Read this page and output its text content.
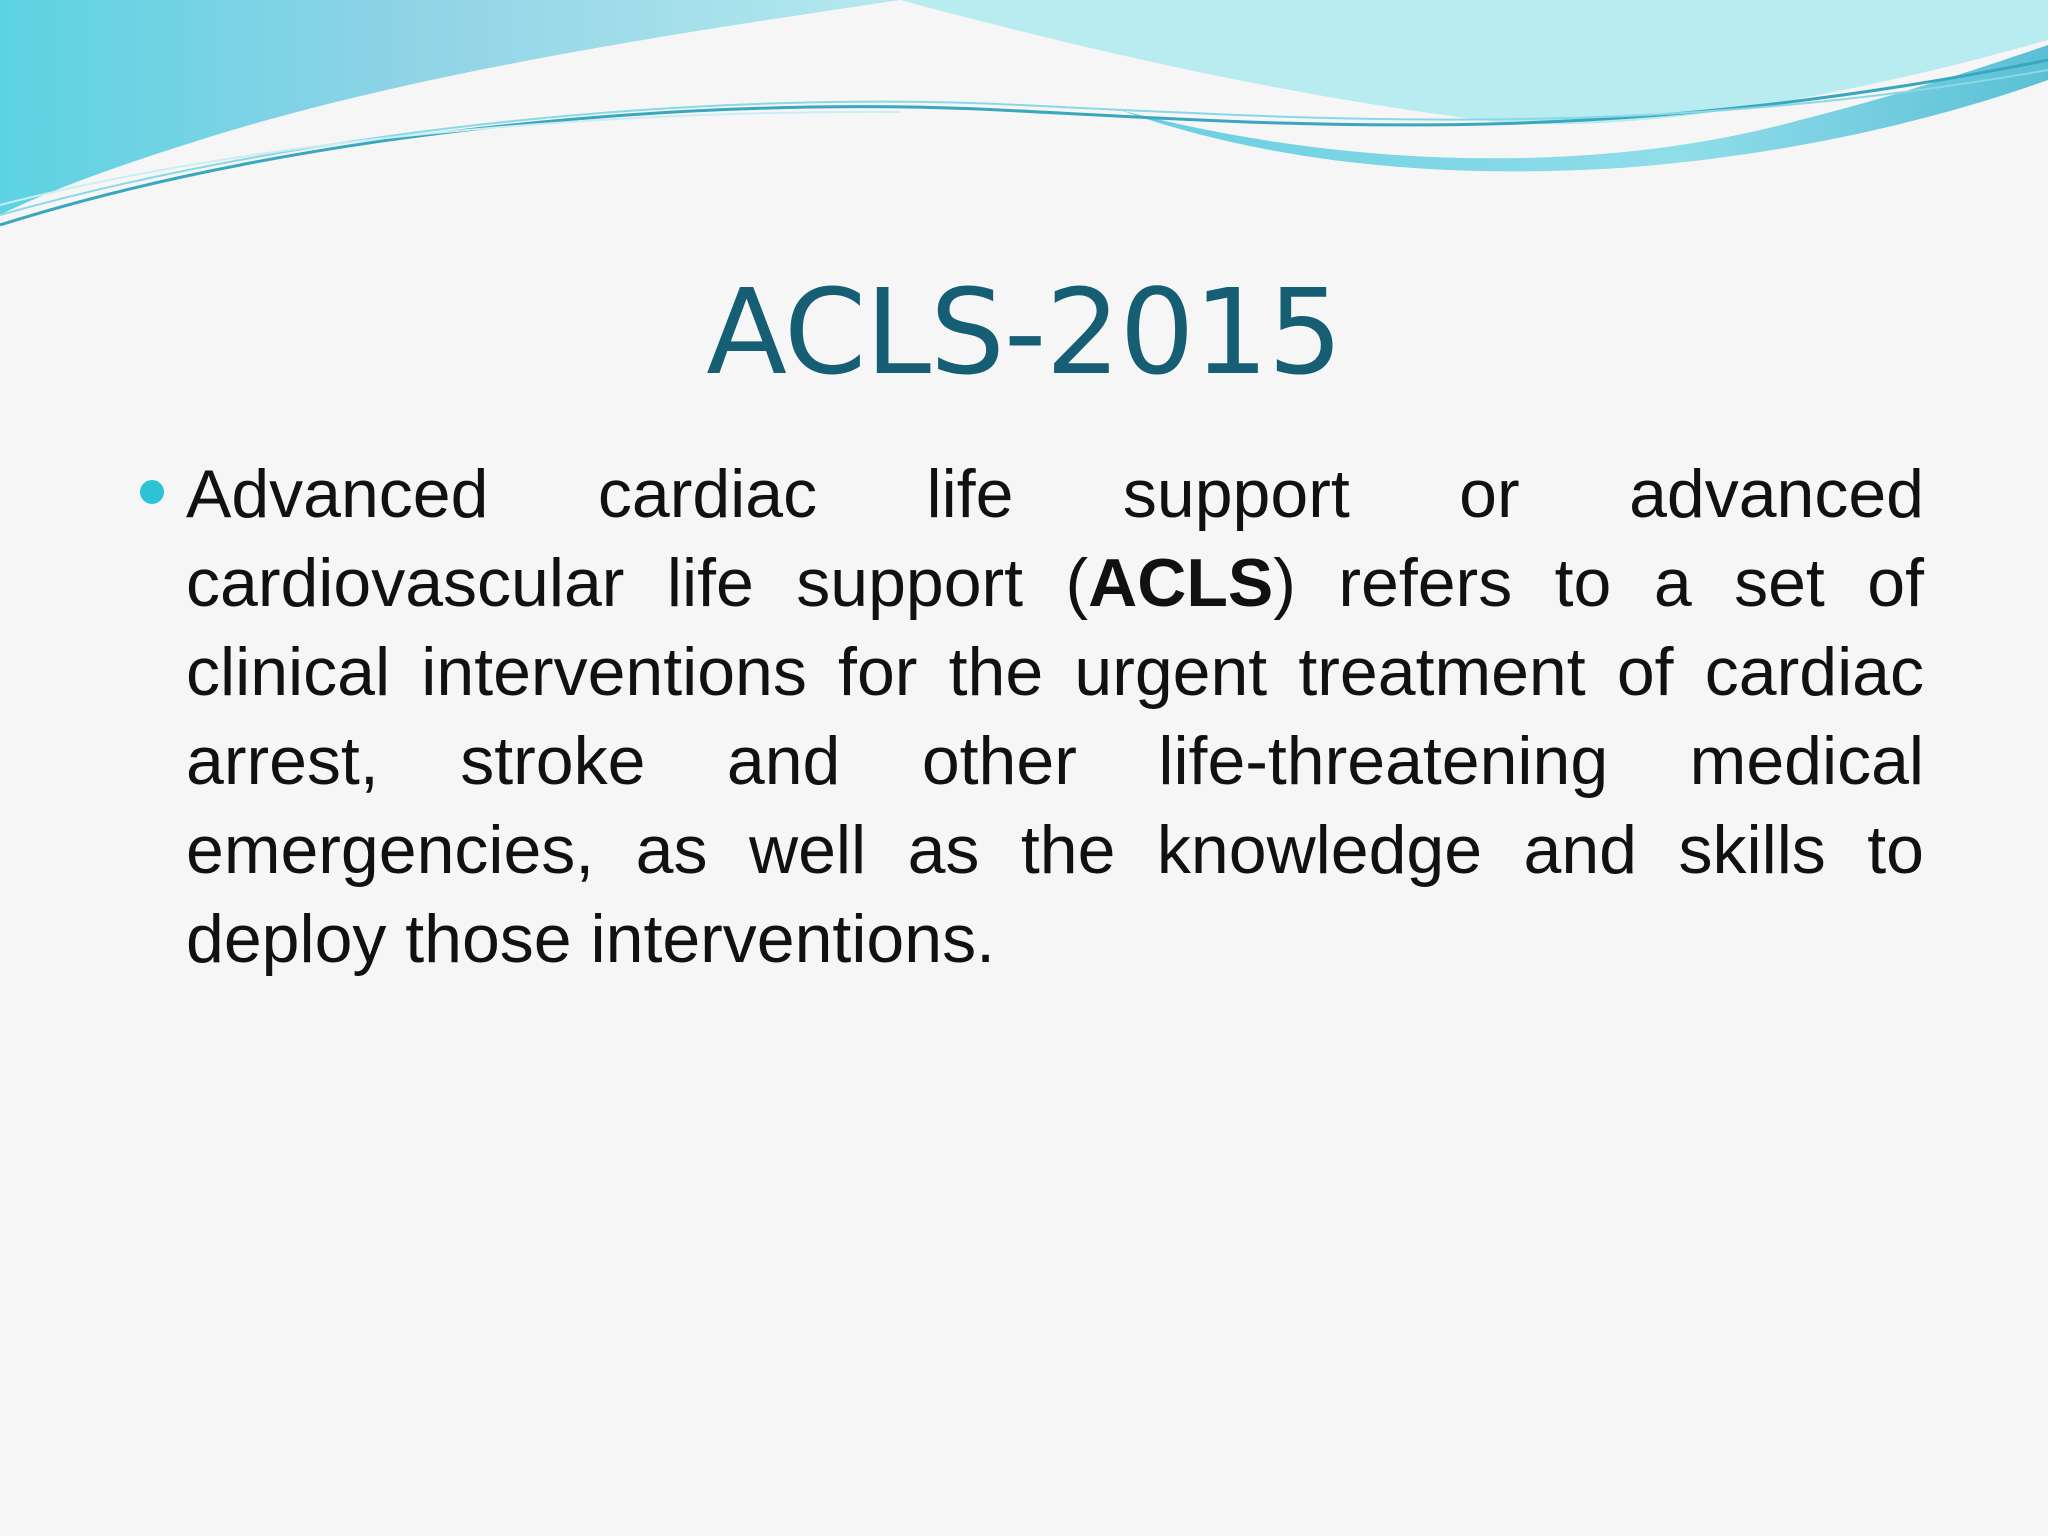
ACLS-2015

Advanced cardiac life support or advanced cardiovascular life support (ACLS) refers to a set of clinical interventions for the urgent treatment of cardiac arrest, stroke and other life-threatening medical emergencies, as well as the knowledge and skills to deploy those interventions.
